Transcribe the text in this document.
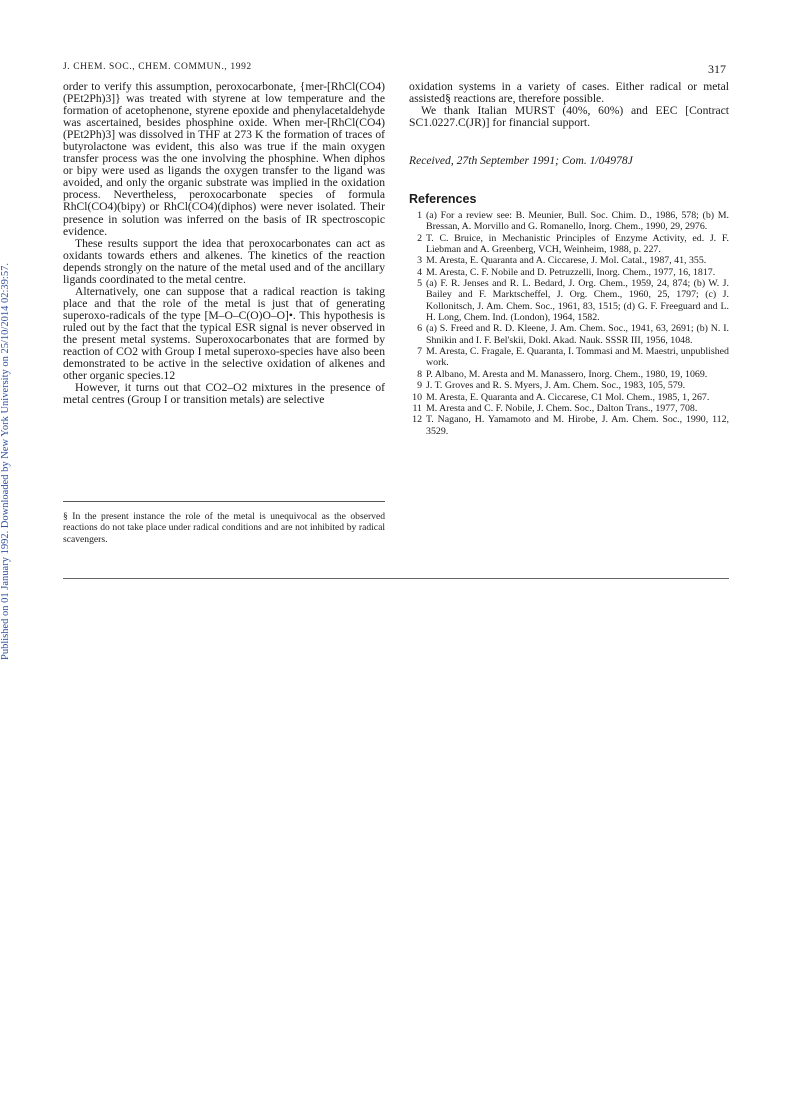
Published on 01 January 1992. Downloaded by New York University on 25/10/2014 02:39:57.
J. CHEM. SOC., CHEM. COMMUN., 1992	317

order to verify this assumption, peroxocarbonate, {mer-[RhCl(CO4)(PEt2Ph)3]} was treated with styrene at low temperature and the formation of acetophenone, styrene epoxide and phenylacetaldehyde was ascertained, besides phosphine oxide. When mer-[RhCl(CO4)(PEt2Ph)3] was dissolved in THF at 273 K the formation of traces of butyrolactone was evident, this also was true if the main oxygen transfer process was the one involving the phosphine. When diphos or bipy were used as ligands the oxygen transfer to the ligand was avoided, and only the organic substrate was implied in the oxidation process. Nevertheless, peroxocarbonate species of formula RhCl(CO4)(bipy) or RhCl(CO4)(diphos) were never isolated. Their presence in solution was inferred on the basis of IR spectroscopic evidence.

These results support the idea that peroxocarbonates can act as oxidants towards ethers and alkenes. The kinetics of the reaction depends strongly on the nature of the metal used and of the ancillary ligands coordinated to the metal centre.

Alternatively, one can suppose that a radical reaction is taking place and that the role of the metal is just that of generating superoxo-radicals of the type [M–O–C(O)O–O]•. This hypothesis is ruled out by the fact that the typical ESR signal is never observed in the present metal systems. Superoxocarbonates that are formed by reaction of CO2 with Group I metal superoxo-species have also been demonstrated to be active in the selective oxidation of alkenes and other organic species.12

However, it turns out that CO2–O2 mixtures in the presence of metal centres (Group I or transition metals) are selective

§ In the present instance the role of the metal is unequivocal as the observed reactions do not take place under radical conditions and are not inhibited by radical scavengers.

oxidation systems in a variety of cases. Either radical or metal assisted§ reactions are, therefore possible.

We thank Italian MURST (40%, 60%) and EEC [Contract SC1.0227.C(JR)] for financial support.

Received, 27th September 1991; Com. 1/04978J
References
1 (a) For a review see: B. Meunier, Bull. Soc. Chim. D., 1986, 578; (b) M. Bressan, A. Morvillo and G. Romanello, Inorg. Chem., 1990, 29, 2976.
2 T. C. Bruice, in Mechanistic Principles of Enzyme Activity, ed. J. F. Liebman and A. Greenberg, VCH, Weinheim, 1988, p. 227.
3 M. Aresta, E. Quaranta and A. Ciccarese, J. Mol. Catal., 1987, 41, 355.
4 M. Aresta, C. F. Nobile and D. Petruzzelli, Inorg. Chem., 1977, 16, 1817.
5 (a) F. R. Jenses and R. L. Bedard, J. Org. Chem., 1959, 24, 874; (b) W. J. Bailey and F. Marktscheffel, J. Org. Chem., 1960, 25, 1797; (c) J. Kollonitsch, J. Am. Chem. Soc., 1961, 83, 1515; (d) G. F. Freeguard and L. H. Long, Chem. Ind. (London), 1964, 1582.
6 (a) S. Freed and R. D. Kleene, J. Am. Chem. Soc., 1941, 63, 2691; (b) N. I. Shnikin and I. F. Bel'skii, Dokl. Akad. Nauk. SSSR III, 1956, 1048.
7 M. Aresta, C. Fragale, E. Quaranta, I. Tommasi and M. Maestri, unpublished work.
8 P. Albano, M. Aresta and M. Manassero, Inorg. Chem., 1980, 19, 1069.
9 J. T. Groves and R. S. Myers, J. Am. Chem. Soc., 1983, 105, 579.
10 M. Aresta, E. Quaranta and A. Ciccarese, C1 Mol. Chem., 1985, 1, 267.
11 M. Aresta and C. F. Nobile, J. Chem. Soc., Dalton Trans., 1977, 708.
12 T. Nagano, H. Yamamoto and M. Hirobe, J. Am. Chem. Soc., 1990, 112, 3529.
